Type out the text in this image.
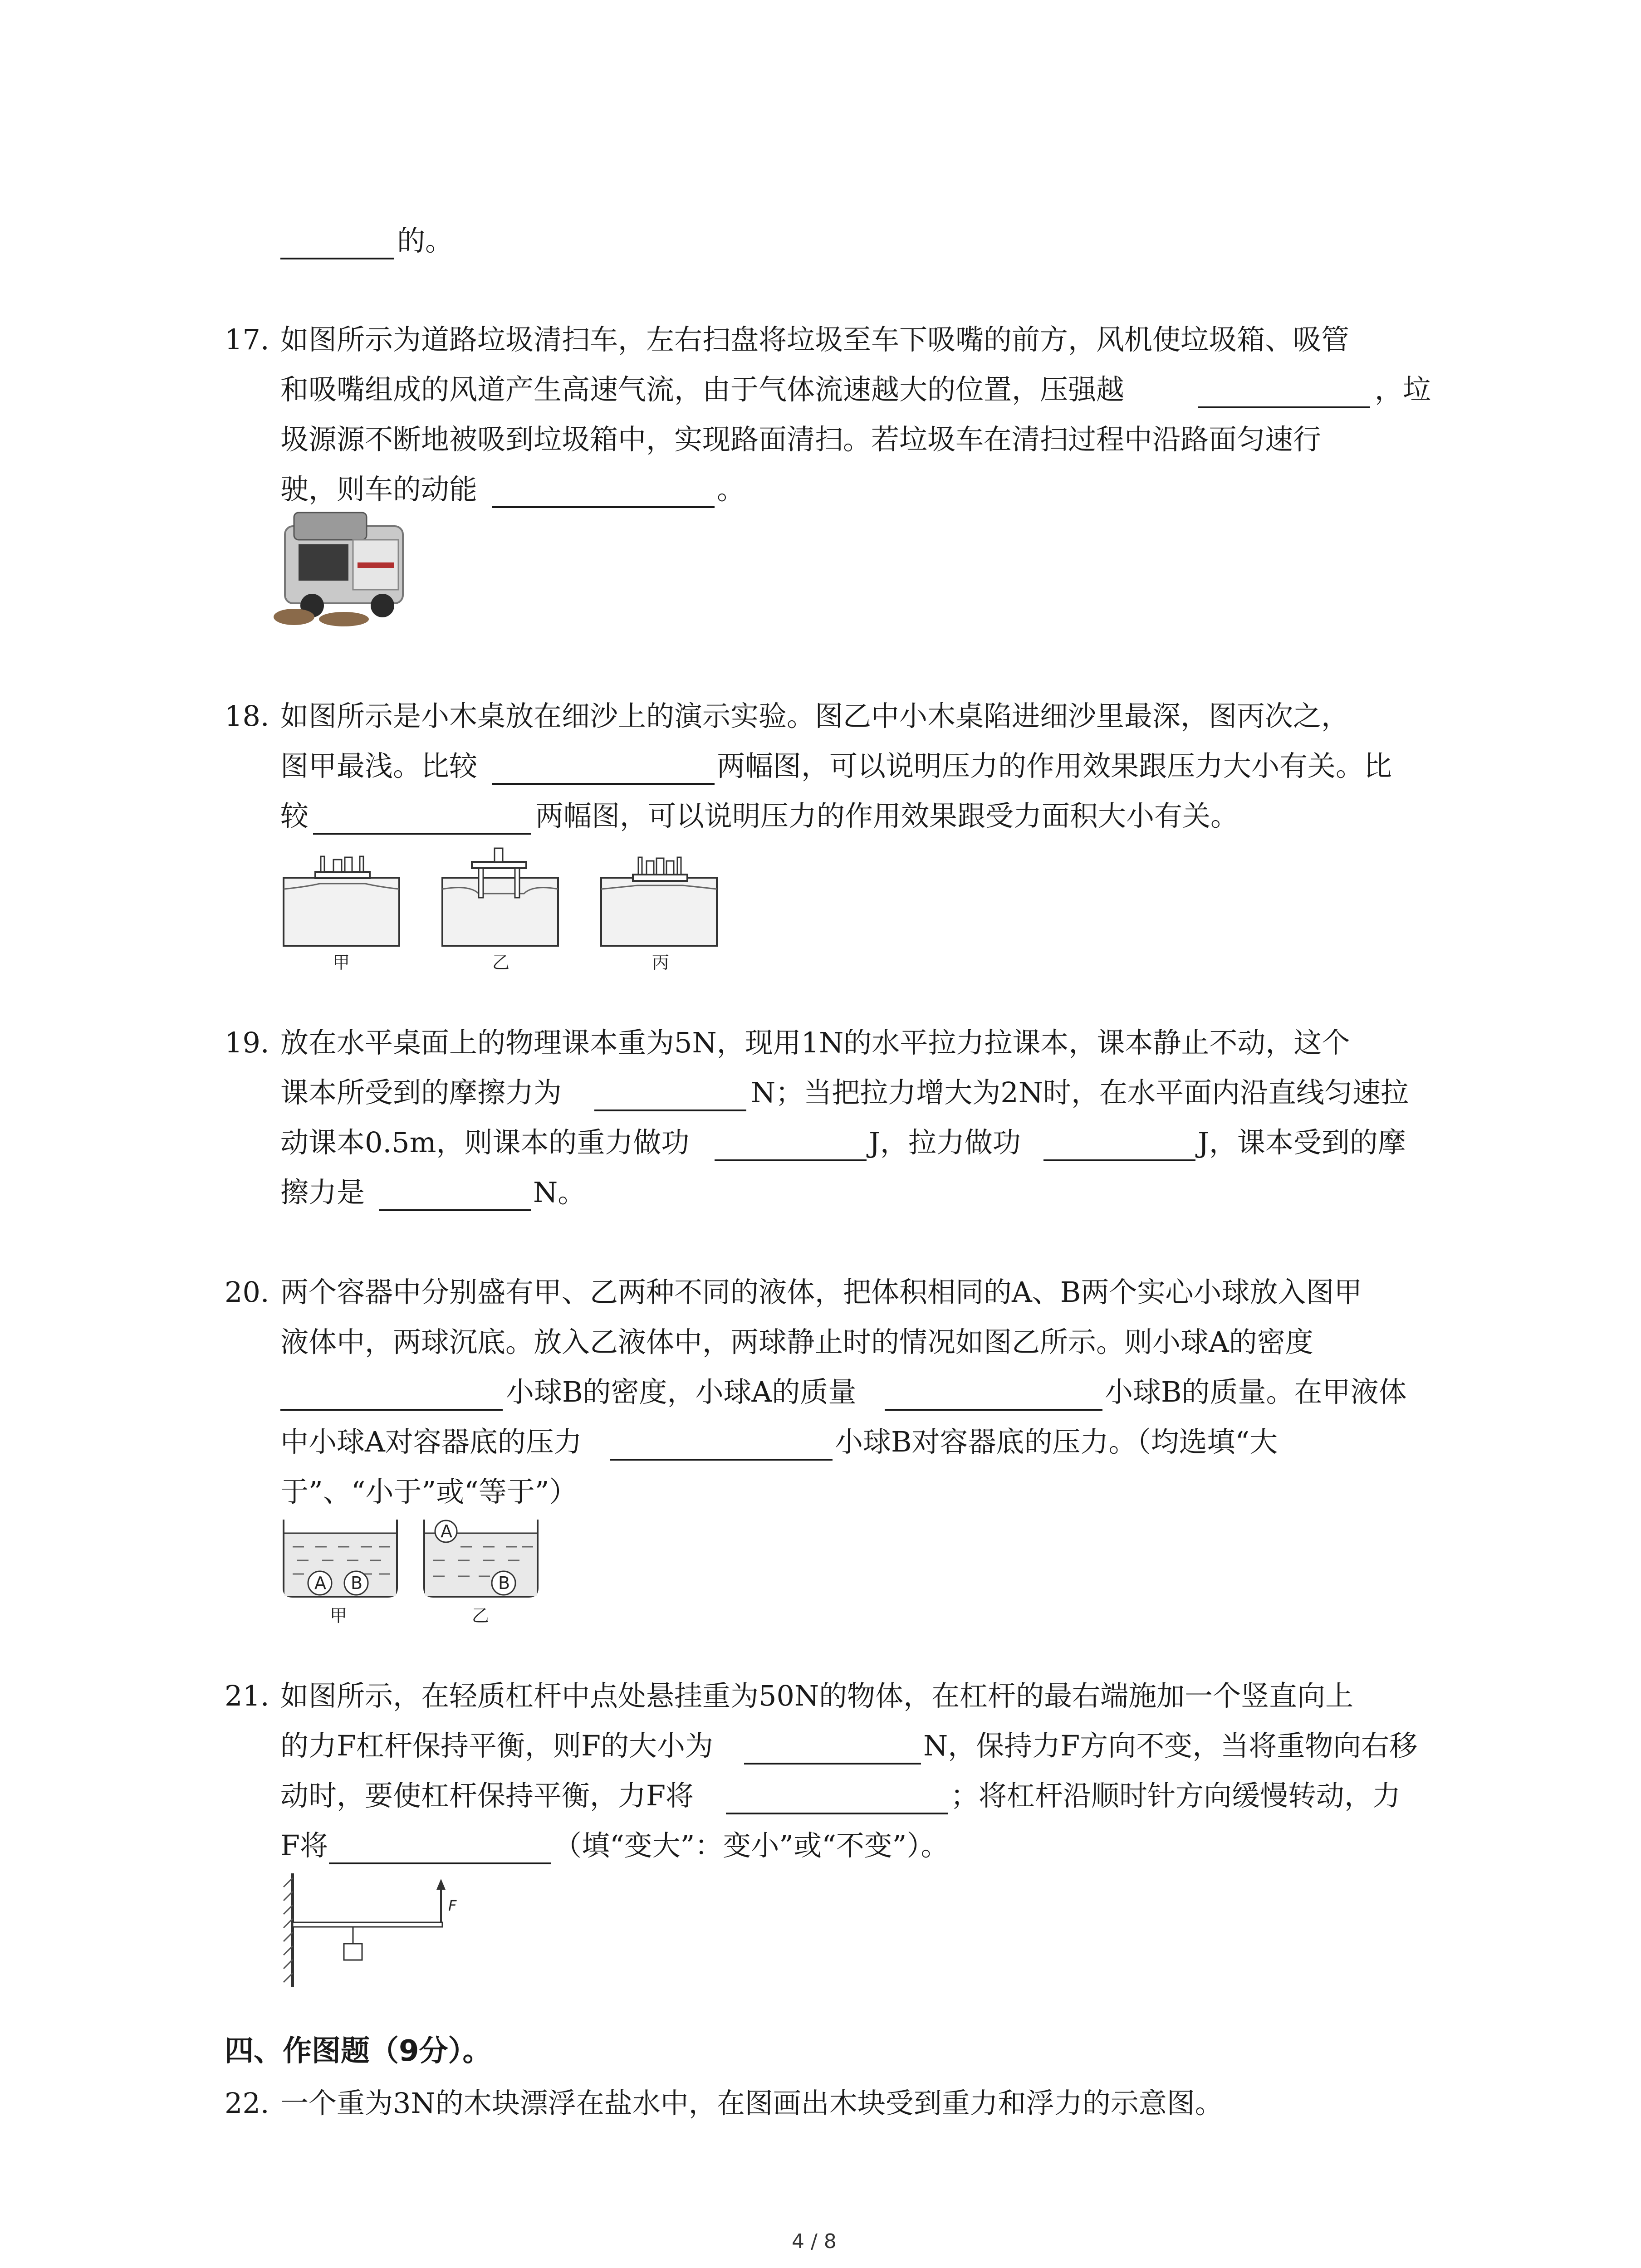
的。
17. 如图所示为道路垃圾清扫车，左右扫盘将垃圾至车下吸嘴的前方，风机使垃圾箱、吸管
和吸嘴组成的风道产生高速气流，由于气体流速越大的位置，压强越	，垃
圾源源不断地被吸到垃圾箱中，实现路面清扫。若垃圾车在清扫过程中沿路面匀速行
驶，则车的动能	。
18. 如图所示是小木桌放在细沙上的演示实验。图乙中小木桌陷进细沙里最深，图丙次之，
图甲最浅。比较	两幅图，可以说明压力的作用效果跟压力大小有关。比
较	两幅图，可以说明压力的作用效果跟受力面积大小有关。
甲	乙	丙
19. 放在水平桌面上的物理课本重为5N，现用1N的水平拉力拉课本，课本静止不动，这个
课本所受到的摩擦力为	N；当把拉力增大为2N时，在水平面内沿直线匀速拉
动课本0.5m，则课本的重力做功	J，拉力做功	J，课本受到的摩
擦力是	N。
20. 两个容器中分别盛有甲、乙两种不同的液体，把体积相同的A、B两个实心小球放入图甲
液体中，两球沉底。放入乙液体中，两球静止时的情况如图乙所示。则小球A的密度
小球B的密度，小球A的质量	小球B的质量。在甲液体
中小球A对容器底的压力	小球B对容器底的压力。（均选填“大
于”、“小于”或“等于”）
A B
甲
A
B
乙
21. 如图所示，在轻质杠杆中点处悬挂重为50N的物体，在杠杆的最右端施加一个竖直向上
的力F杠杆保持平衡，则F的大小为	N，保持力F方向不变，当将重物向右移
动时，要使杠杆保持平衡，力F将	；将杠杆沿顺时针方向缓慢转动，力
F将	（填“变大”：变小”或“不变”）。
F
四、作图题（9分）。
22. 一个重为3N的木块漂浮在盐水中，在图画出木块受到重力和浮力的示意图。
4 / 8
